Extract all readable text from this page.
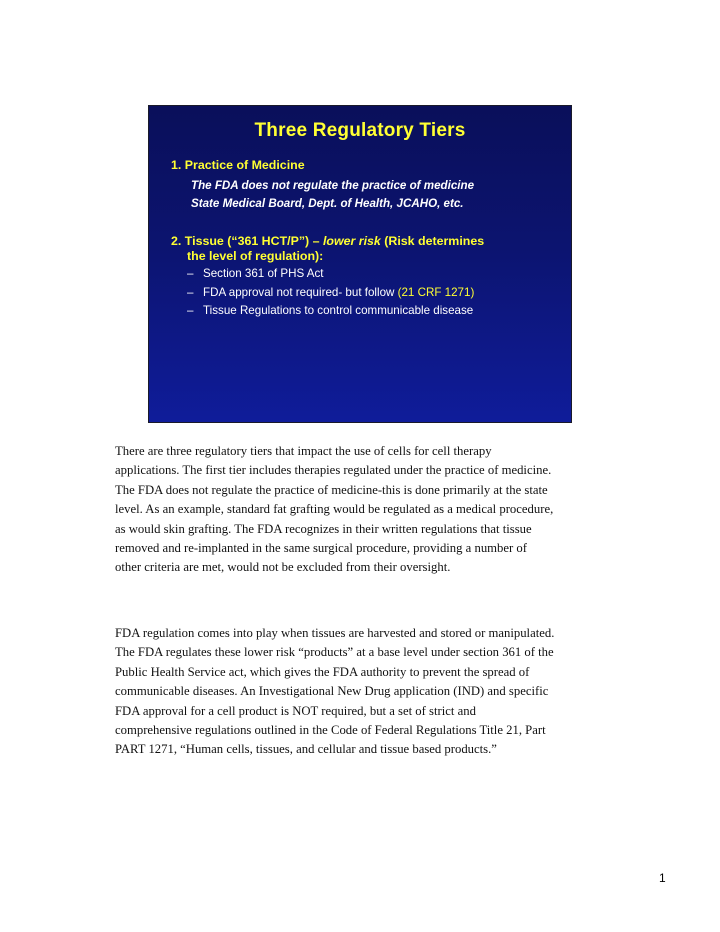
Three Regulatory Tiers
1. Practice of Medicine
The FDA does not regulate the practice of medicine
State Medical Board, Dept. of Health, JCAHO, etc.
2. Tissue (“361 HCT/P”) – lower risk (Risk determines
the level of regulation):
– Section 361 of PHS Act
– FDA approval not required- but follow (21 CRF 1271)
– Tissue Regulations to control communicable disease
There are three regulatory tiers that impact the use of cells for cell therapy
applications. The first tier includes therapies regulated under the practice of medicine.
The FDA does not regulate the practice of medicine-this is done primarily at the state
level. As an example, standard fat grafting would be regulated as a medical procedure,
as would skin grafting. The FDA recognizes in their written regulations that tissue
removed and re-implanted in the same surgical procedure, providing a number of
other criteria are met, would not be excluded from their oversight.
FDA regulation comes into play when tissues are harvested and stored or manipulated.
The FDA regulates these lower risk “products” at a base level under section 361 of the
Public Health Service act, which gives the FDA authority to prevent the spread of
communicable diseases. An Investigational New Drug application (IND) and specific
FDA approval for a cell product is NOT required, but a set of strict and
comprehensive regulations outlined in the Code of Federal Regulations Title 21, Part
PART 1271, “Human cells, tissues, and cellular and tissue based products.”
1
